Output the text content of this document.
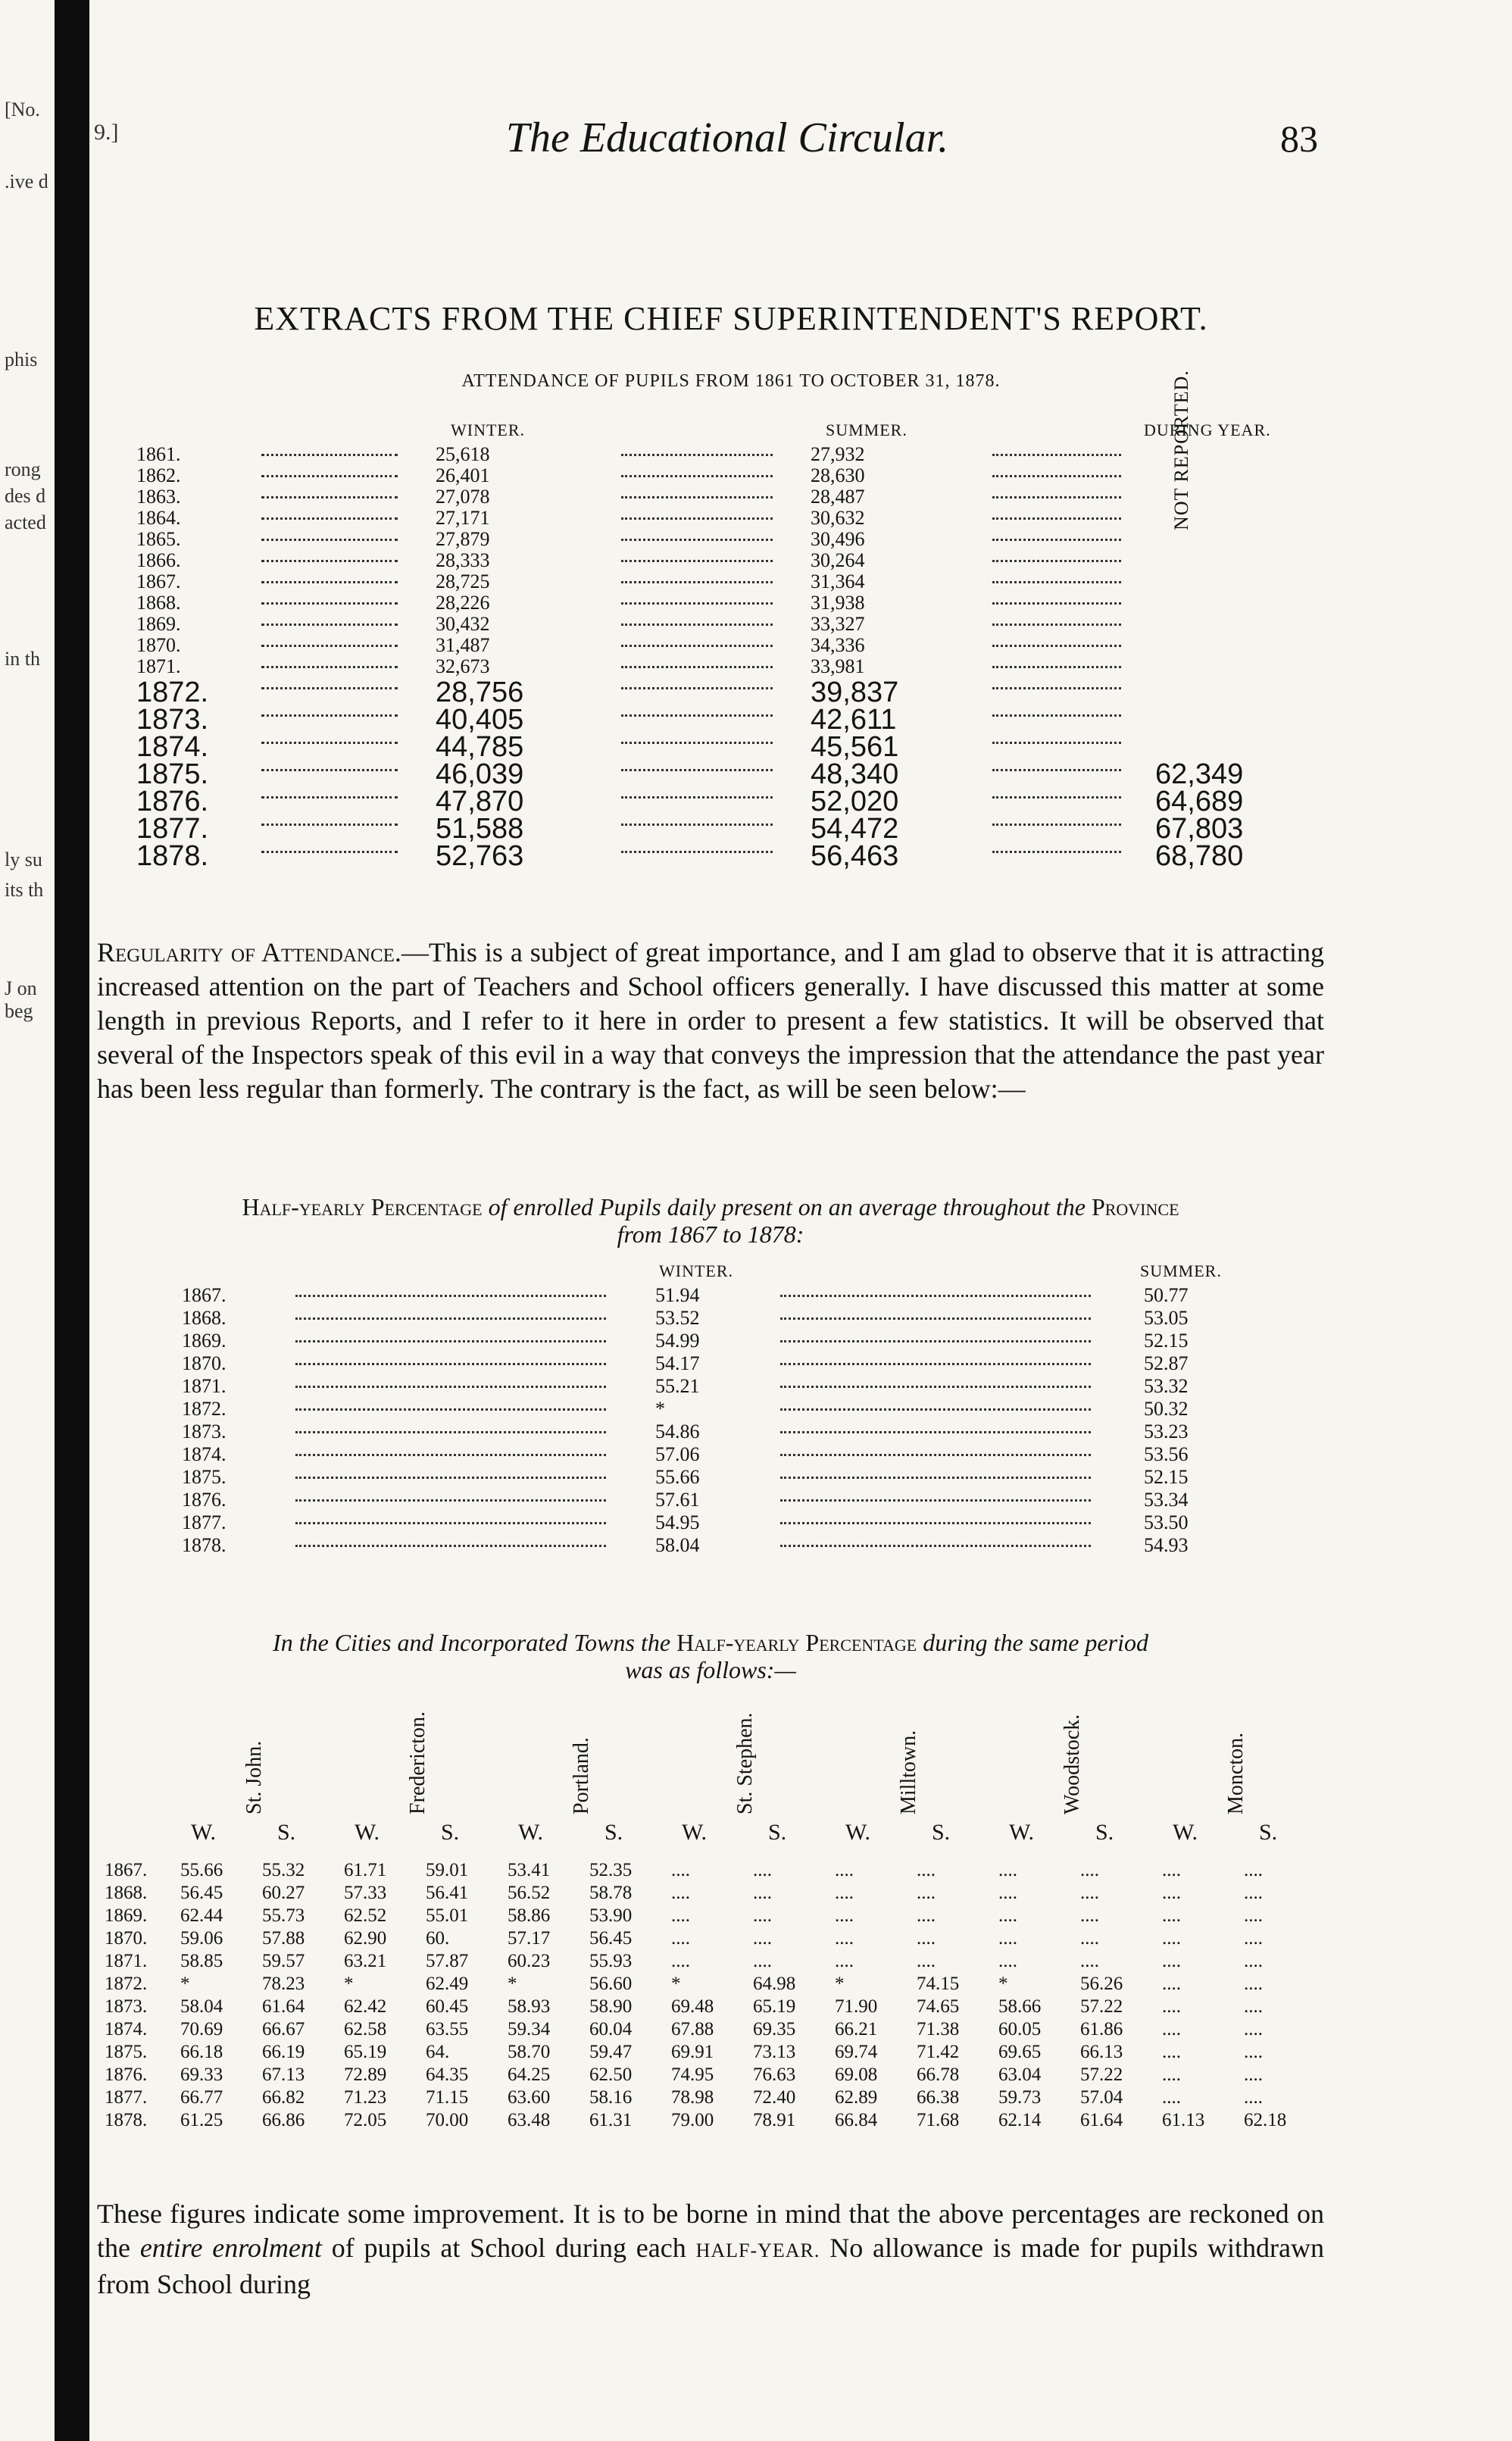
[No.
.ive d
phis
rong
des d
acted
in th
ly su
its th
J on
beg
9.]	The Educational Circular.	83
EXTRACTS FROM THE CHIEF SUPERINTENDENT'S REPORT.
ATTENDANCE OF PUPILS FROM 1861 TO OCTOBER 31, 1878.
WINTER.	SUMMER.	DURING YEAR.
1861.	25,618	27,932
1862.	26,401	28,630
1863.	27,078	28,487
1864.	27,171	30,632
1865.	27,879	30,496
1866.	28,333	30,264
1867.	28,725	31,364
1868.	28,226	31,938
1869.	30,432	33,327
1870.	31,487	34,336
1871.	32,673	33,981
1872.	28,756	39,837
1873.	40,405	42,611
1874.	44,785	45,561
1875.	46,039	48,340	62,349
1876.	47,870	52,020	64,689
1877.	51,588	54,472	67,803
1878.	52,763	56,463	68,780
NOT REPORTED.
Regularity of Attendance.—This is a subject of great importance, and I am glad to observe that it is attracting increased attention on the part of Teachers and School officers generally. I have discussed this matter at some length in previous Reports, and I refer to it here in order to present a few statistics. It will be observed that several of the Inspectors speak of this evil in a way that conveys the impression that the attendance the past year has been less regular than formerly. The contrary is the fact, as will be seen below:—
Half-yearly Percentage of enrolled Pupils daily present on an average throughout the Province
from 1867 to 1878:
WINTER.	SUMMER.
1867.	51.94	50.77
1868.	53.52	53.05
1869.	54.99	52.15
1870.	54.17	52.87
1871.	55.21	53.32
1872.	*	50.32
1873.	54.86	53.23
1874.	57.06	53.56
1875.	55.66	52.15
1876.	57.61	53.34
1877.	54.95	53.50
1878.	58.04	54.93
In the Cities and Incorporated Towns the Half-yearly Percentage during the same period
was as follows:—
St. John.	Fredericton.	Portland.	St. Stephen.	Milltown.	Woodstock.	Moncton.
W.	S.	W.	S.	W.	S.	W.	S.	W.	S.	W.	S.	W.	S.
1867. 55.66 55.32 61.71 59.01 53.41 52.35 ....	....	....	....	....	....	....	....
1868. 56.45 60.27 57.33 56.41 56.52 58.78 ....	....	....	....	....	....	....	....
1869. 62.44 55.73 62.52 55.01 58.86 53.90 ....	....	....	....	....	....	....	....
1870. 59.06 57.88 62.90 60.	57.17 56.45 ....	....	....	....	....	....	....	....
1871. 58.85 59.57 63.21 57.87 60.23 55.93 ....	....	....	....	....	....	....	....
1872. *	78.23 *	62.49 *	56.60 *	64.98 *	74.15 *	56.26 ....	....
1873. 58.04 61.64 62.42 60.45 58.93 58.90 69.48 65.19 71.90 74.65 58.66 57.22 ....	....
1874. 70.69 66.67 62.58 63.55 59.34 60.04 67.88 69.35 66.21 71.38 60.05 61.86 ....	....
1875. 66.18 66.19 65.19 64.	58.70 59.47 69.91 73.13 69.74 71.42 69.65 66.13 ....	....
1876. 69.33 67.13 72.89 64.35 64.25 62.50 74.95 76.63 69.08 66.78 63.04 57.22 ....	....
1877. 66.77 66.82 71.23 71.15 63.60 58.16 78.98 72.40 62.89 66.38 59.73 57.04 ....	....
1878. 61.25 66.86 72.05 70.00 63.48 61.31 79.00 78.91 66.84 71.68 62.14 61.64 61.13 62.18
These figures indicate some improvement. It is to be borne in mind that the above percentages are reckoned on the entire enrolment of pupils at School during each HALF-YEAR. No allowance is made for pupils withdrawn from School during
